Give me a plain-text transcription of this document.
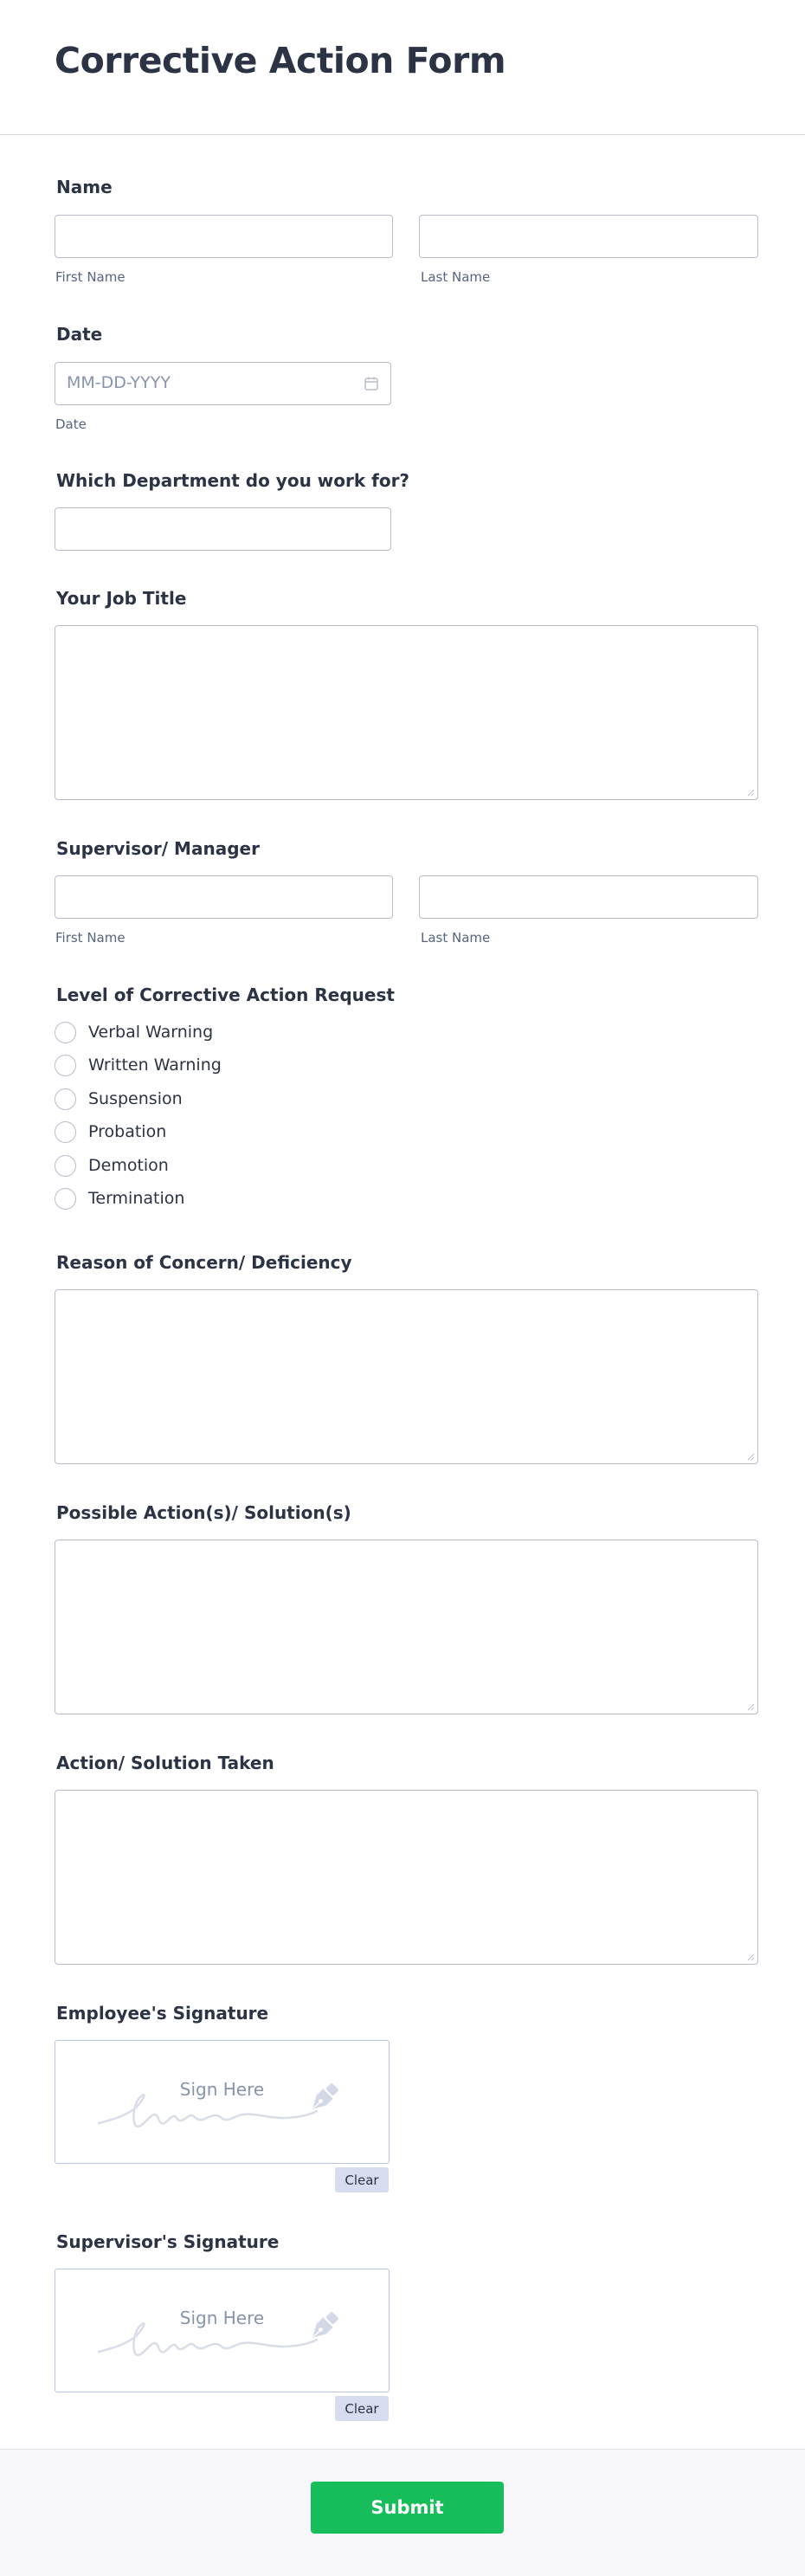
Corrective Action Form

Name

First Name	Last Name

Date

MM-DD-YYYY
Date

Which Department do you work for?

Your Job Title

Supervisor/ Manager

First Name	Last Name

Level of Corrective Action Request

Verbal Warning
Written Warning
Suspension
Probation
Demotion
Termination

Reason of Concern/ Deficiency

Possible Action(s)/ Solution(s)

Action/ Solution Taken

Employee's Signature

Sign Here
Clear

Supervisor's Signature

Sign Here
Clear
Submit
